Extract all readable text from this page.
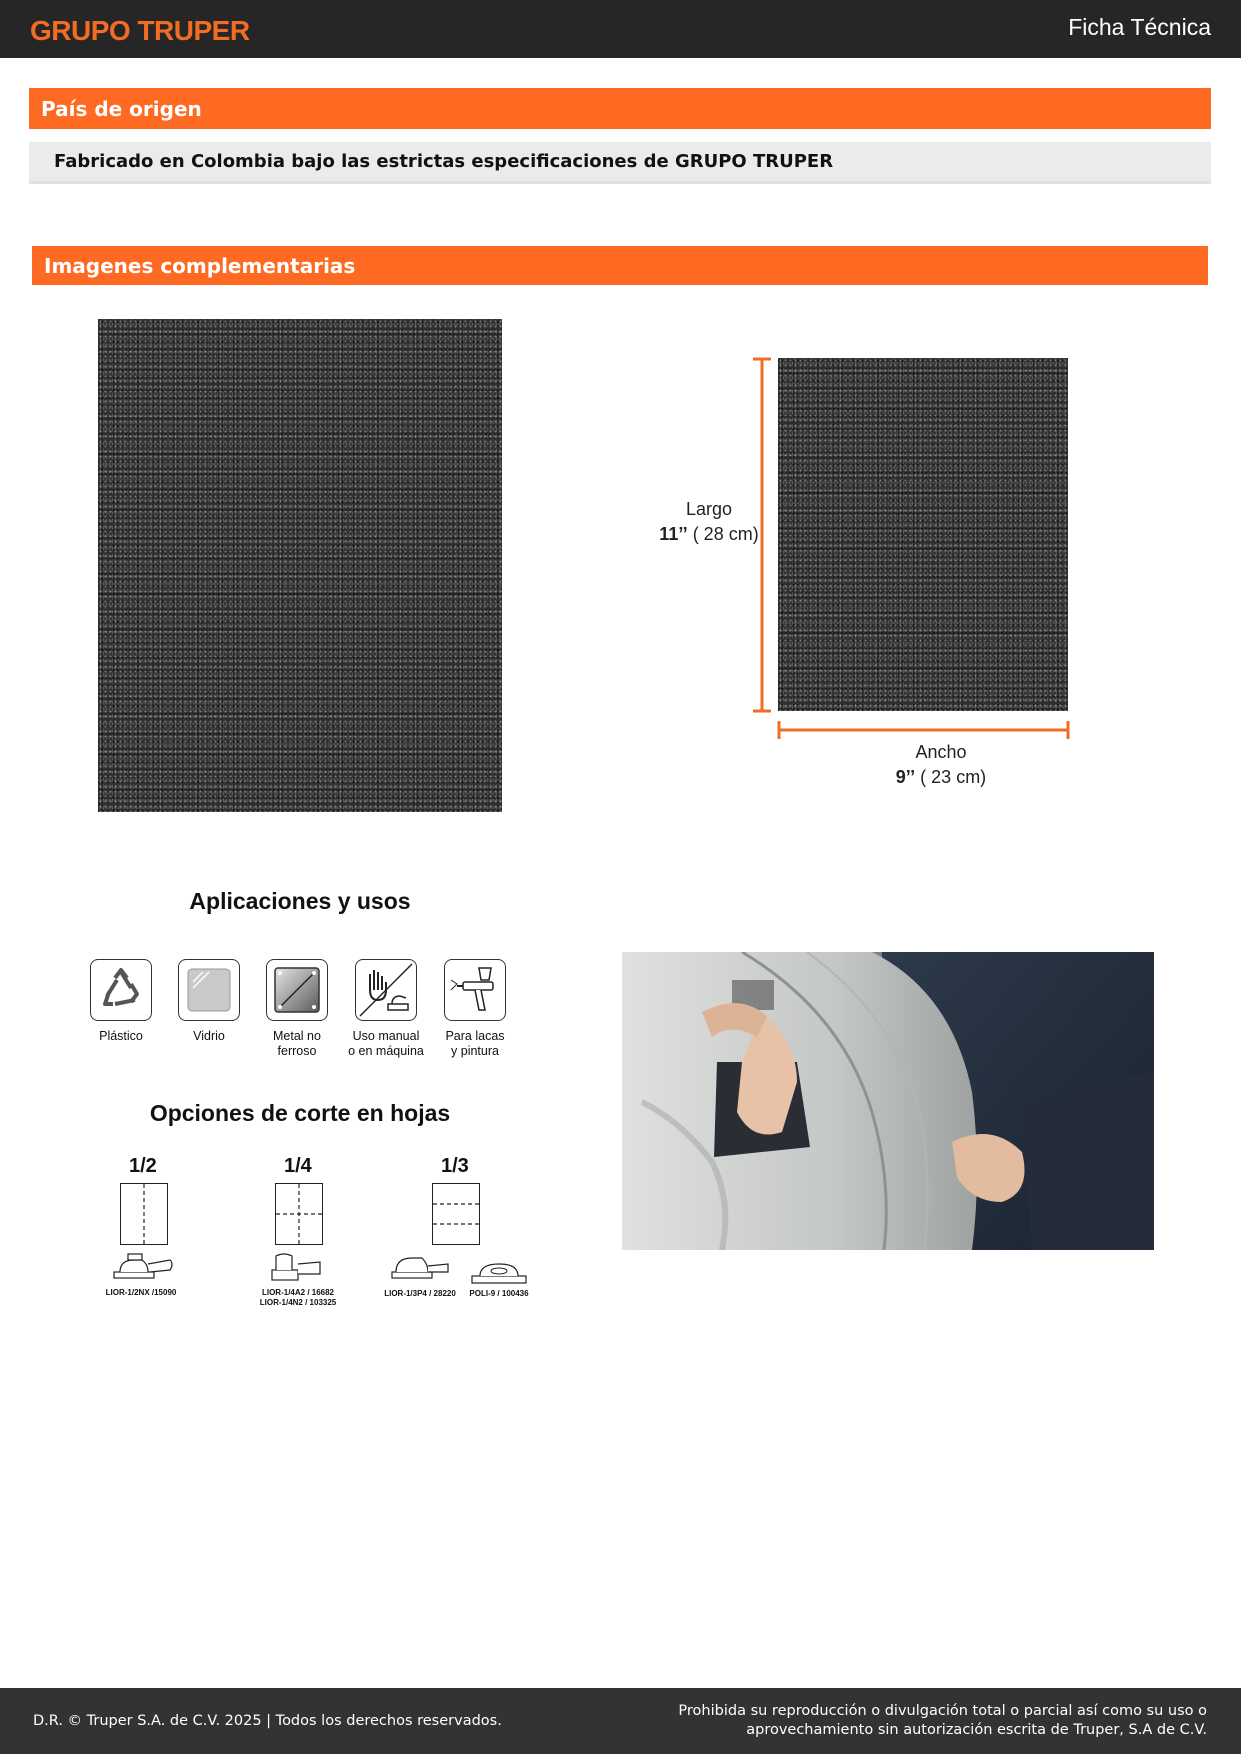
GRUPO TRUPER	Ficha Técnica
País de origen
Fabricado en Colombia bajo las estrictas especificaciones de GRUPO TRUPER
Imagenes complementarias
Largo
11’’ ( 28 cm)
Ancho
9’’ ( 23 cm)
Aplicaciones y usos
Plástico	Vidrio	Metal no
ferroso
Uso manual
o en máquina
Para lacas
y pintura
Opciones de corte en hojas
1/2
LIOR-1/2NX /15090
1/4
LIOR-1/4A2 / 16682
LIOR-1/4N2 / 103325
1/3
LIOR-1/3P4 / 28220	POLI-9 / 100436
D.R. © Truper S.A. de C.V. 2025 | Todos los derechos reservados.
Prohibida su reproducción o divulgación total o parcial así como su uso o
aprovechamiento sin autorización escrita de Truper, S.A de C.V.
